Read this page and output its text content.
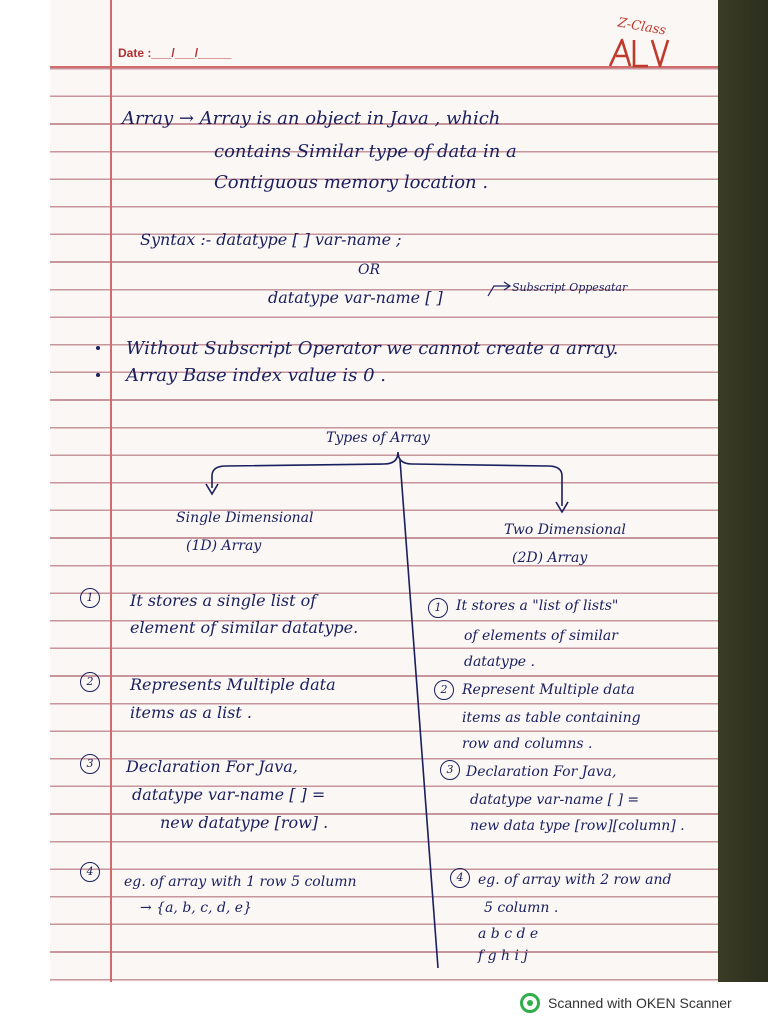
Date :___/___/_____
Z-Class
Array → Array is an object in Java , which
contains Similar type of data in a
Contiguous memory location .
Syntax :- datatype [ ] var-name ;
OR
datatype var-name [ ]
Subscript Oppesatar
Without Subscript Operator we cannot create a array.
Array Base index value is 0 .
Types of Array
Single Dimensional
(1D) Array
Two Dimensional
(2D) Array
1	It stores a single list of
element of similar datatype.
2	Represents Multiple data
items as a list .
3	Declaration For Java,
datatype var-name [ ] =
new datatype [row] .
4
eg. of array with 1 row 5 column
→ {a, b, c, d, e}
1	It stores a "list of lists"
of elements of similar
datatype .
2	Represent Multiple data
items as table containing
row and columns .
3 Declaration For Java,
datatype var-name [ ] =
new data type [row][column] .
4	eg. of array with 2 row and
5 column .
a b c d e
f g h i j
Scanned with OKEN Scanner
